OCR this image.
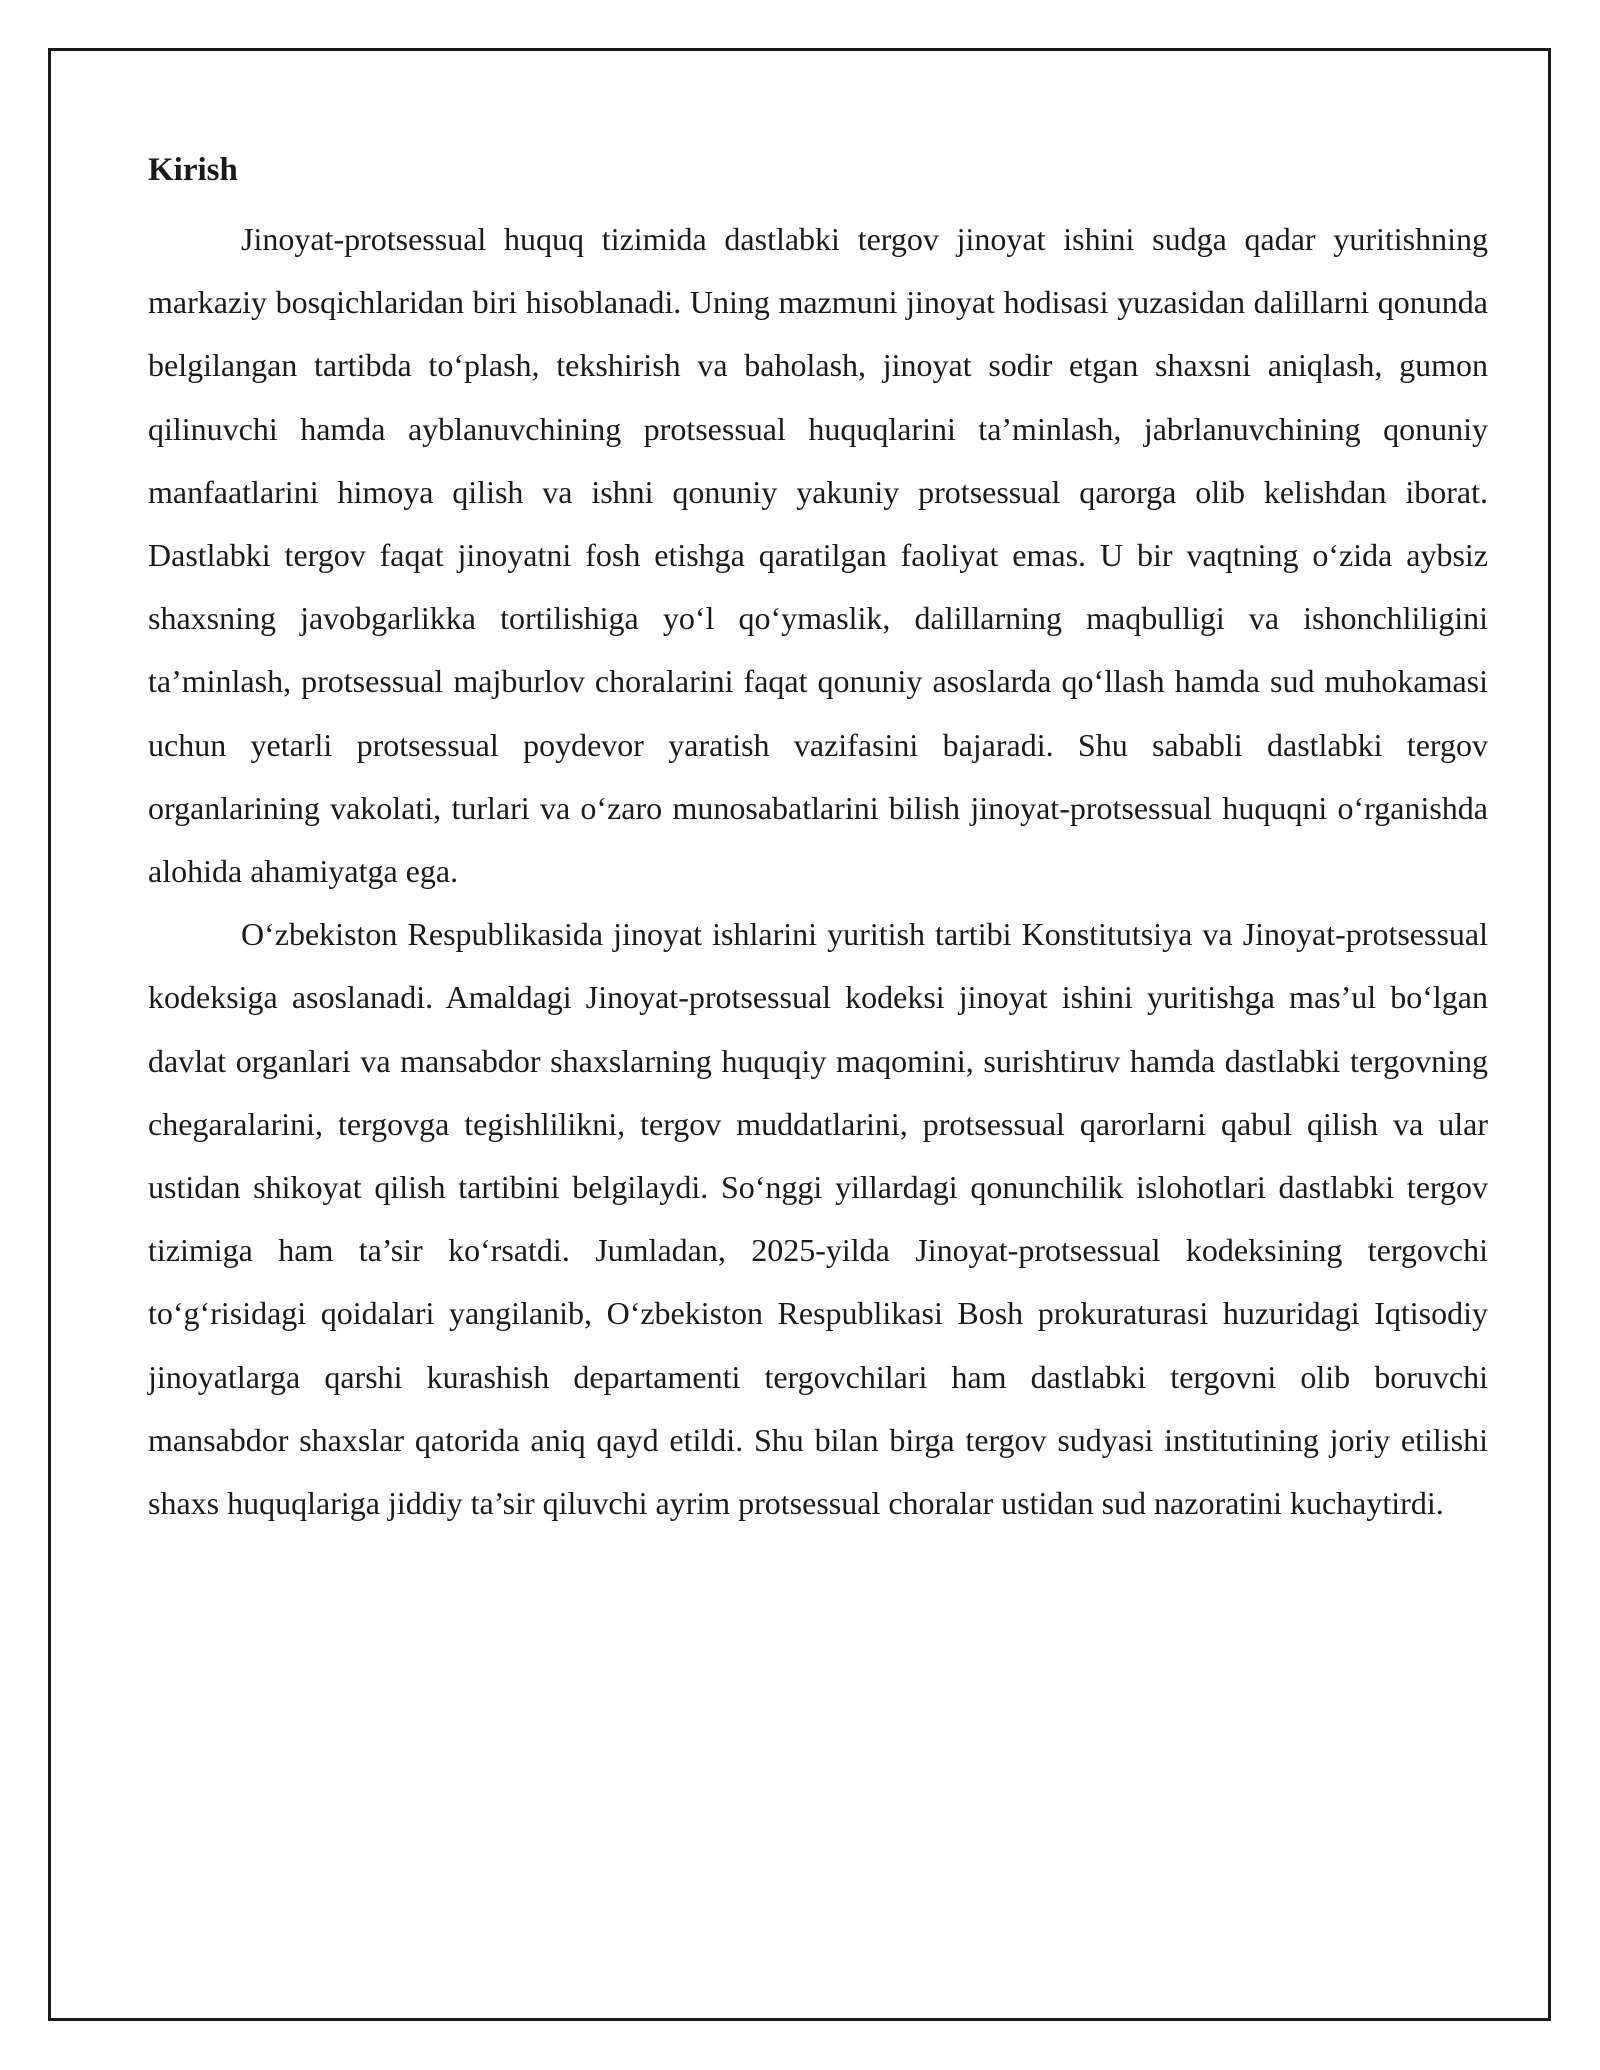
Kirish

Jinoyat-protsessual huquq tizimida dastlabki tergov jinoyat ishini sudga qadar yuritishning markaziy bosqichlaridan biri hisoblanadi. Uning mazmuni jinoyat hodisasi yuzasidan dalillarni qonunda belgilangan tartibda to‘plash, tekshirish va baholash, jinoyat sodir etgan shaxsni aniqlash, gumon qilinuvchi hamda ayblanuvchining protsessual huquqlarini ta’minlash, jabrlanuvchining qonuniy manfaatlarini himoya qilish va ishni qonuniy yakuniy protsessual qarorga olib kelishdan iborat. Dastlabki tergov faqat jinoyatni fosh etishga qaratilgan faoliyat emas. U bir vaqtning o‘zida aybsiz shaxsning javobgarlikka tortilishiga yo‘l qo‘ymaslik, dalillarning maqbulligi va ishonchliligini ta’minlash, protsessual majburlov choralarini faqat qonuniy asoslarda qo‘llash hamda sud muhokamasi uchun yetarli protsessual poydevor yaratish vazifasini bajaradi. Shu sababli dastlabki tergov organlarining vakolati, turlari va o‘zaro munosabatlarini bilish jinoyat-protsessual huquqni o‘rganishda alohida ahamiyatga ega.

O‘zbekiston Respublikasida jinoyat ishlarini yuritish tartibi Konstitutsiya va Jinoyat-protsessual kodeksiga asoslanadi. Amaldagi Jinoyat-protsessual kodeksi jinoyat ishini yuritishga mas’ul bo‘lgan davlat organlari va mansabdor shaxslarning huquqiy maqomini, surishtiruv hamda dastlabki tergovning chegaralarini, tergovga tegishlilikni, tergov muddatlarini, protsessual qarorlarni qabul qilish va ular ustidan shikoyat qilish tartibini belgilaydi. So‘nggi yillardagi qonunchilik islohotlari dastlabki tergov tizimiga ham ta’sir ko‘rsatdi. Jumladan, 2025-yilda Jinoyat-protsessual kodeksining tergovchi to‘g‘risidagi qoidalari yangilanib, O‘zbekiston Respublikasi Bosh prokuraturasi huzuridagi Iqtisodiy jinoyatlarga qarshi kurashish departamenti tergovchilari ham dastlabki tergovni olib boruvchi mansabdor shaxslar qatorida aniq qayd etildi. Shu bilan birga tergov sudyasi institutining joriy etilishi shaxs huquqlariga jiddiy ta’sir qiluvchi ayrim protsessual choralar ustidan sud nazoratini kuchaytirdi.
